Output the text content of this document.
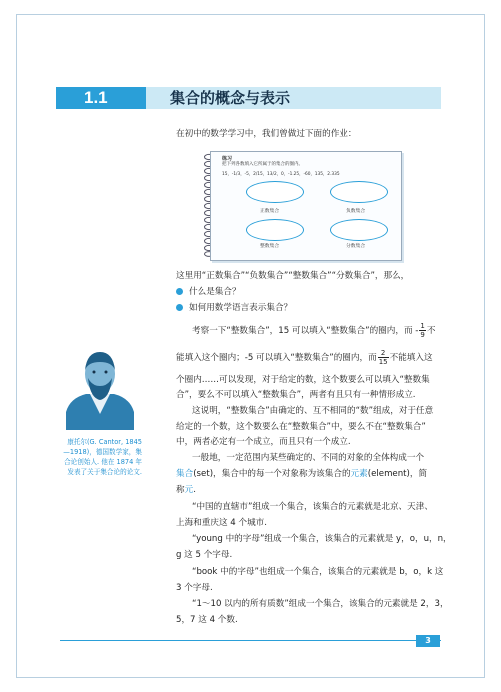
1.1	集合的概念与表示
在初中的数学学习中，我们曾做过下面的作业：
练习
把下列各数填入它所属于的集合的圈内。
15，-1/3，-5，2/15，13/2，0，-1.25，-60，135，2.335
正数集合	负数集合
整数集合	分数集合
这里用“正数集合”“负数集合”“整数集合”“分数集合”，那么，
什么是集合？
如何用数学语言表示集合？
考察一下“整数集合”，15 可以填入“整数集合”的圈内，而 - $\frac{1}{9}$ 不
能填入这个圈内；-5 可以填入“整数集合”的圈内，而 $\frac{2}{15}$ 不能填入这
个圈内……可以发现，对于给定的数，这个数要么可以填入“整数集
合”，要么不可以填入“整数集合”，两者有且只有一种情形成立.
这说明，“整数集合”由确定的、互不相同的“数”组成，对于任意
给定的一个数，这个数要么在“整数集合”中，要么不在“整数集合”
中，两者必定有一个成立，而且只有一个成立.
一般地，一定范围内某些确定的、不同的对象的全体构成一个
集合(set)，集合中的每一个对象称为该集合的元素(element)，简
称元.
“中国的直辖市”组成一个集合，该集合的元素就是北京、天津、
上海和重庆这 4 个城市.
“young 中的字母”组成一个集合，该集合的元素就是 y，o，u，n，
g 这 5 个字母.
“book 中的字母”也组成一个集合，该集合的元素就是 b，o，k 这
3 个字母.
“1～10 以内的所有质数”组成一个集合，该集合的元素就是 2，3，
5，7 这 4 个数.
康托尔(G. Cantor, 1845—1918)，德国数学家，集合论创始人. 他在 1874 年发表了关于集合论的论文.
3
